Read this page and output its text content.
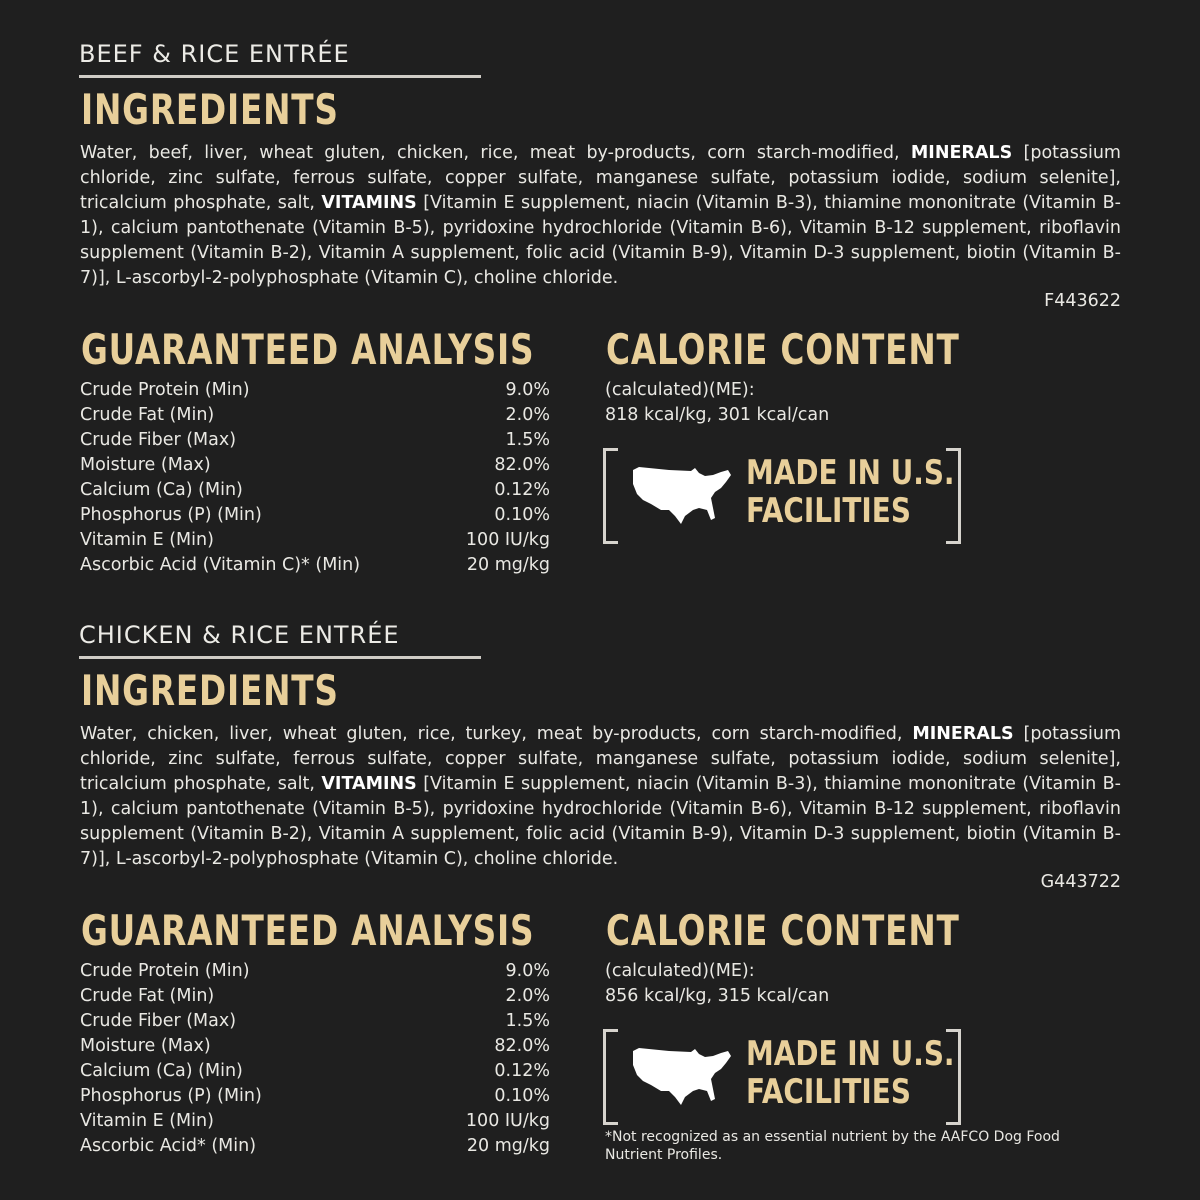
BEEF & RICE ENTRÉE
INGREDIENTS
Water, beef, liver, wheat gluten, chicken, rice, meat by-products, corn starch-modified, MINERALS [potassium chloride, zinc sulfate, ferrous sulfate, copper sulfate, manganese sulfate, potassium iodide, sodium selenite], tricalcium phosphate, salt, VITAMINS [Vitamin E supplement, niacin (Vitamin B-3), thiamine mononitrate (Vitamin B-1), calcium pantothenate (Vitamin B-5), pyridoxine hydrochloride (Vitamin B-6), Vitamin B-12 supplement, riboflavin supplement (Vitamin B-2), Vitamin A supplement, folic acid (Vitamin B-9), Vitamin D-3 supplement, biotin (Vitamin B-7)], L-ascorbyl-2-polyphosphate (Vitamin C), choline chloride.
F443622
GUARANTEED ANALYSIS
Crude Protein (Min)	9.0%
Crude Fat (Min)	2.0%
Crude Fiber (Max)	1.5%
Moisture (Max)	82.0%
Calcium (Ca) (Min)	0.12%
Phosphorus (P) (Min)	0.10%
Vitamin E (Min)	100 IU/kg
Ascorbic Acid (Vitamin C)* (Min)	20 mg/kg
CALORIE CONTENT
(calculated)(ME):
818 kcal/kg, 301 kcal/can
MADE IN U.S.
FACILITIES
CHICKEN & RICE ENTRÉE
INGREDIENTS
Water, chicken, liver, wheat gluten, rice, turkey, meat by-products, corn starch-modified, MINERALS [potassium chloride, zinc sulfate, ferrous sulfate, copper sulfate, manganese sulfate, potassium iodide, sodium selenite], tricalcium phosphate, salt, VITAMINS [Vitamin E supplement, niacin (Vitamin B-3), thiamine mononitrate (Vitamin B-1), calcium pantothenate (Vitamin B-5), pyridoxine hydrochloride (Vitamin B-6), Vitamin B-12 supplement, riboflavin supplement (Vitamin B-2), Vitamin A supplement, folic acid (Vitamin B-9), Vitamin D-3 supplement, biotin (Vitamin B-7)], L-ascorbyl-2-polyphosphate (Vitamin C), choline chloride.
G443722
GUARANTEED ANALYSIS
Crude Protein (Min)	9.0%
Crude Fat (Min)	2.0%
Crude Fiber (Max)	1.5%
Moisture (Max)	82.0%
Calcium (Ca) (Min)	0.12%
Phosphorus (P) (Min)	0.10%
Vitamin E (Min)	100 IU/kg
Ascorbic Acid* (Min)	20 mg/kg
CALORIE CONTENT
(calculated)(ME):
856 kcal/kg, 315 kcal/can
MADE IN U.S.
FACILITIES
*Not recognized as an essential nutrient by the AAFCO Dog Food Nutrient Profiles.
